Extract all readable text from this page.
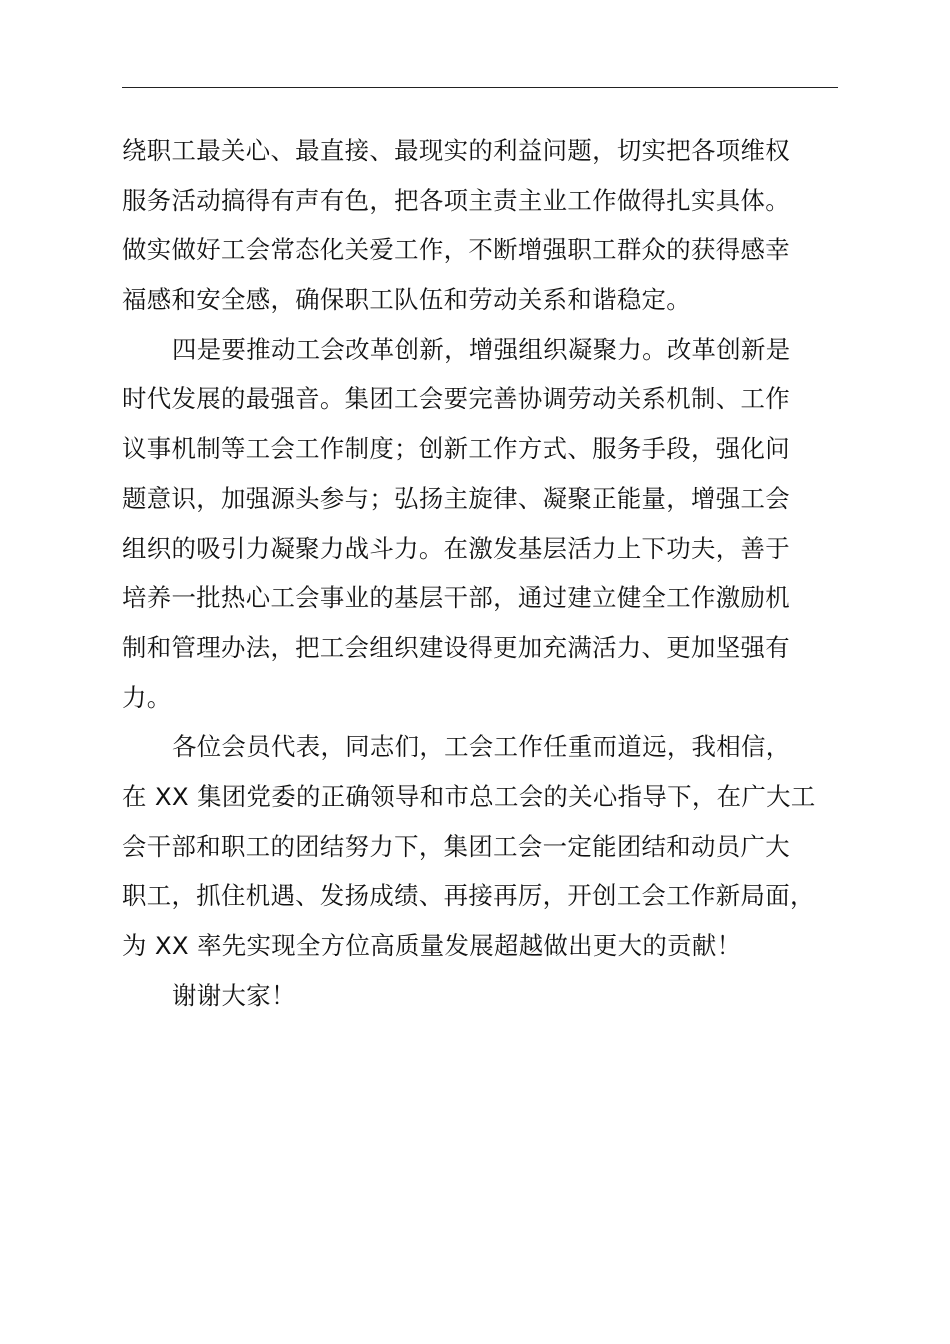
绕职工最关心、最直接、最现实的利益问题，切实把各项维权
服务活动搞得有声有色，把各项主责主业工作做得扎实具体。
做实做好工会常态化关爱工作，不断增强职工群众的获得感幸
福感和安全感，确保职工队伍和劳动关系和谐稳定。
四是要推动工会改革创新，增强组织凝聚力。改革创新是
时代发展的最强音。集团工会要完善协调劳动关系机制、工作
议事机制等工会工作制度；创新工作方式、服务手段，强化问
题意识，加强源头参与；弘扬主旋律、凝聚正能量，增强工会
组织的吸引力凝聚力战斗力。在激发基层活力上下功夫，善于
培养一批热心工会事业的基层干部，通过建立健全工作激励机
制和管理办法，把工会组织建设得更加充满活力、更加坚强有
力。
各位会员代表，同志们，工会工作任重而道远，我相信，
在 XX 集团党委的正确领导和市总工会的关心指导下，在广大工
会干部和职工的团结努力下，集团工会一定能团结和动员广大
职工，抓住机遇、发扬成绩、再接再厉，开创工会工作新局面，
为 XX 率先实现全方位高质量发展超越做出更大的贡献！
谢谢大家！
